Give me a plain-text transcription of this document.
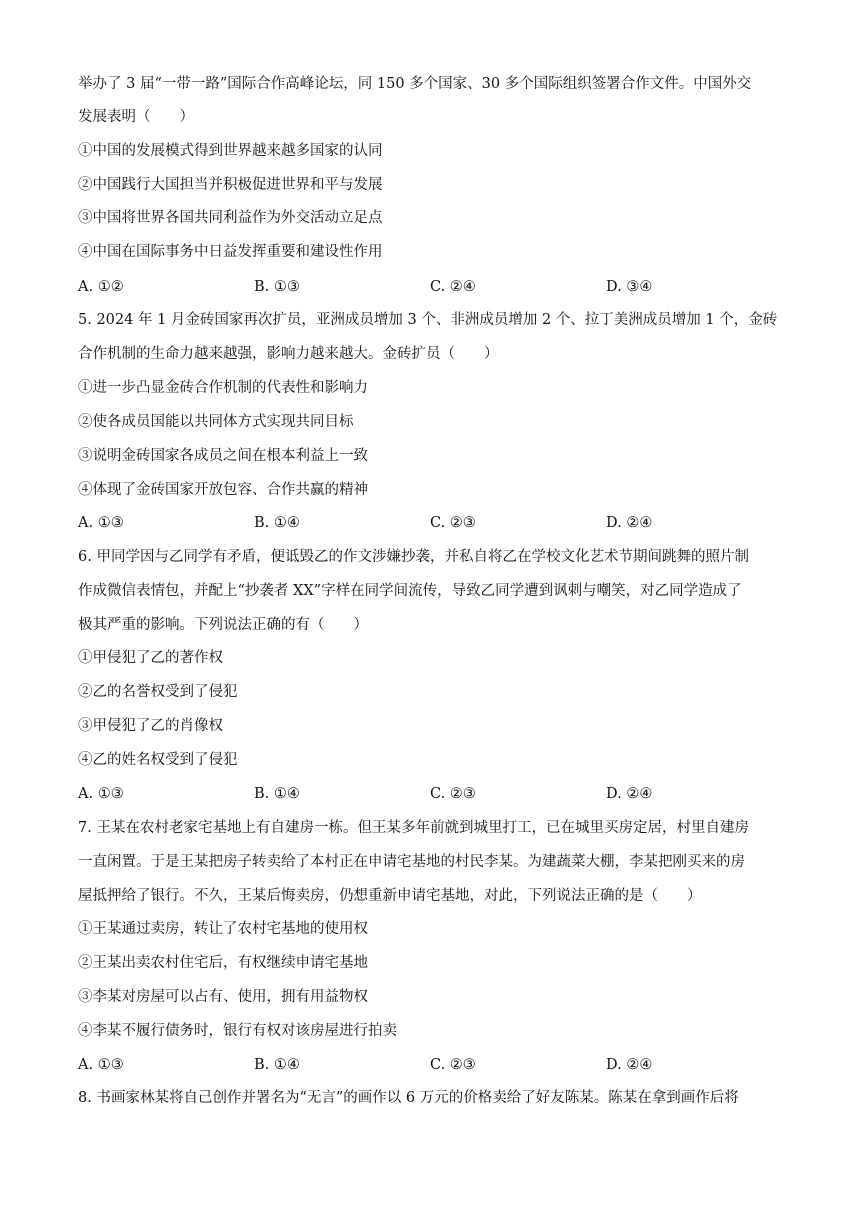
举办了 3 届“一带一路”国际合作高峰论坛，同 150 多个国家、30 多个国际组织签署合作文件。中国外交
发展表明（　　）
①中国的发展模式得到世界越来越多国家的认同
②中国践行大国担当并积极促进世界和平与发展
③中国将世界各国共同利益作为外交活动立足点
④中国在国际事务中日益发挥重要和建设性作用
A. ①②	B. ①③	C. ②④	D. ③④
5. 2024 年 1 月金砖国家再次扩员，亚洲成员增加 3 个、非洲成员增加 2 个、拉丁美洲成员增加 1 个，金砖
合作机制的生命力越来越强，影响力越来越大。金砖扩员（　　）
①进一步凸显金砖合作机制的代表性和影响力
②使各成员国能以共同体方式实现共同目标
③说明金砖国家各成员之间在根本利益上一致
④体现了金砖国家开放包容、合作共赢的精神
A. ①③	B. ①④	C. ②③	D. ②④
6. 甲同学因与乙同学有矛盾，便诋毁乙的作文涉嫌抄袭，并私自将乙在学校文化艺术节期间跳舞的照片制
作成微信表情包，并配上“抄袭者 XX”字样在同学间流传，导致乙同学遭到讽刺与嘲笑，对乙同学造成了
极其严重的影响。下列说法正确的有（　　）
①甲侵犯了乙的著作权
②乙的名誉权受到了侵犯
③甲侵犯了乙的肖像权
④乙的姓名权受到了侵犯
A. ①③	B. ①④	C. ②③	D. ②④
7. 王某在农村老家宅基地上有自建房一栋。但王某多年前就到城里打工，已在城里买房定居，村里自建房
一直闲置。于是王某把房子转卖给了本村正在申请宅基地的村民李某。为建蔬菜大棚，李某把刚买来的房
屋抵押给了银行。不久，王某后悔卖房，仍想重新申请宅基地，对此，下列说法正确的是（　　）
①王某通过卖房，转让了农村宅基地的使用权
②王某出卖农村住宅后，有权继续申请宅基地
③李某对房屋可以占有、使用，拥有用益物权
④李某不履行债务时，银行有权对该房屋进行拍卖
A. ①③	B. ①④	C. ②③	D. ②④
8. 书画家林某将自己创作并署名为“无言”的画作以 6 万元的价格卖给了好友陈某。陈某在拿到画作后将
